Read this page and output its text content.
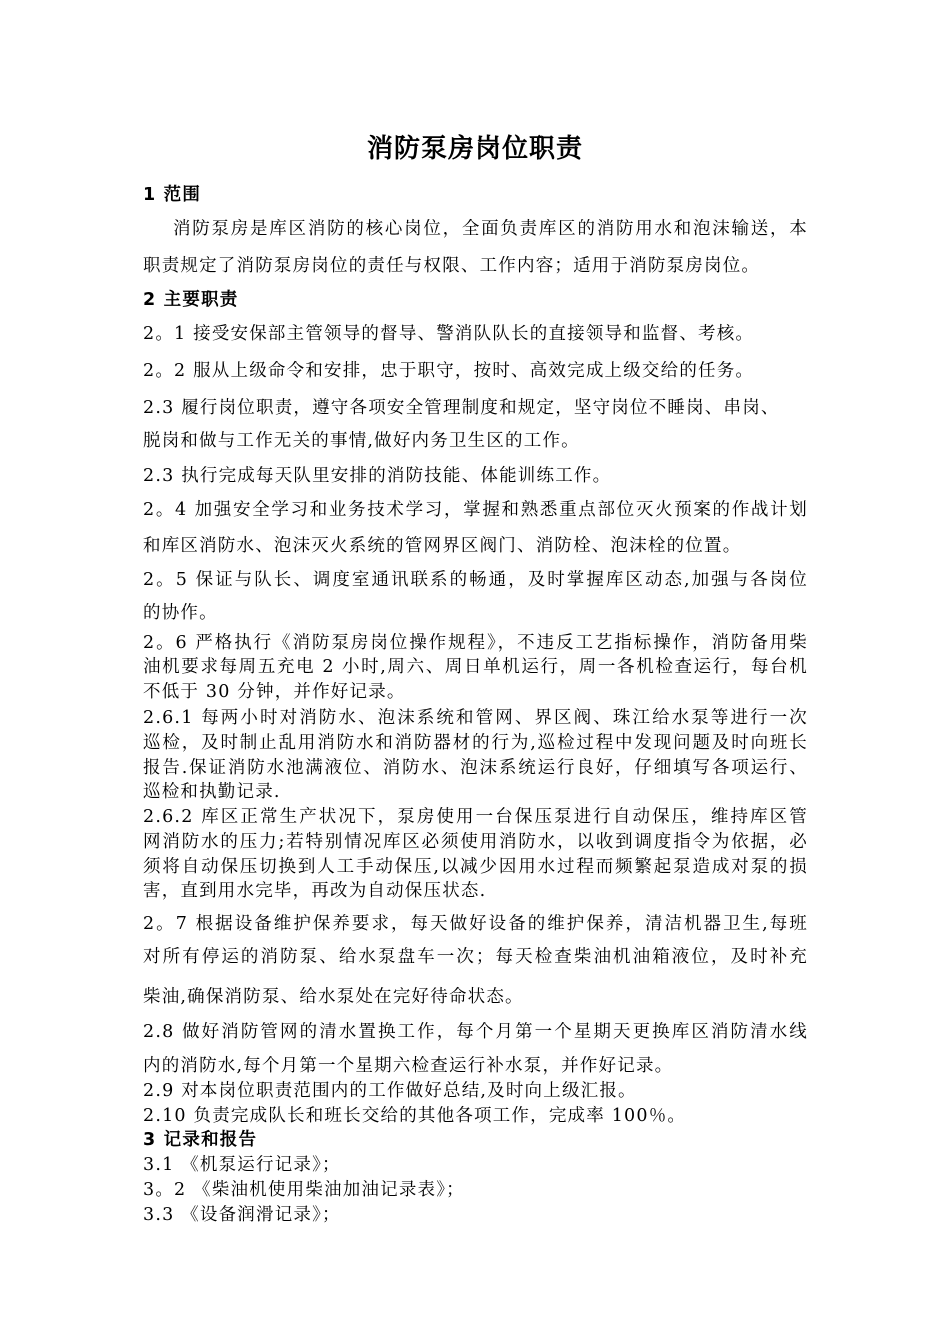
消防泵房岗位职责
1 范围
消防泵房是库区消防的核心岗位，全面负责库区的消防用水和泡沫输送，本
职责规定了消防泵房岗位的责任与权限、工作内容；适用于消防泵房岗位。
2 主要职责
2。1 接受安保部主管领导的督导、警消队队长的直接领导和监督、考核。
2。2 服从上级命令和安排，忠于职守，按时、高效完成上级交给的任务。
2.3 履行岗位职责，遵守各项安全管理制度和规定，坚守岗位不睡岗、串岗、
脱岗和做与工作无关的事情,做好内务卫生区的工作。
2.3 执行完成每天队里安排的消防技能、体能训练工作。
2。4 加强安全学习和业务技术学习，掌握和熟悉重点部位灭火预案的作战计划
和库区消防水、泡沫灭火系统的管网界区阀门、消防栓、泡沫栓的位置。
2。5 保证与队长、调度室通讯联系的畅通，及时掌握库区动态,加强与各岗位
的协作。
2。6 严格执行《消防泵房岗位操作规程》，不违反工艺指标操作，消防备用柴
油机要求每周五充电 2 小时,周六、周日单机运行，周一各机检查运行，每台机
不低于 30 分钟，并作好记录。
2.6.1 每两小时对消防水、泡沫系统和管网、界区阀、珠江给水泵等进行一次
巡检，及时制止乱用消防水和消防器材的行为,巡检过程中发现问题及时向班长
报告.保证消防水池满液位、消防水、泡沫系统运行良好，仔细填写各项运行、
巡检和执勤记录.
2.6.2 库区正常生产状况下，泵房使用一台保压泵进行自动保压，维持库区管
网消防水的压力;若特别情况库区必须使用消防水，以收到调度指令为依据，必
须将自动保压切换到人工手动保压,以减少因用水过程而频繁起泵造成对泵的损
害，直到用水完毕，再改为自动保压状态.
2。7 根据设备维护保养要求，每天做好设备的维护保养，清洁机器卫生,每班
对所有停运的消防泵、给水泵盘车一次；每天检查柴油机油箱液位，及时补充
柴油,确保消防泵、给水泵处在完好待命状态。
2.8 做好消防管网的清水置换工作，每个月第一个星期天更换库区消防清水线
内的消防水,每个月第一个星期六检查运行补水泵，并作好记录。
2.9 对本岗位职责范围内的工作做好总结,及时向上级汇报。
2.10 负责完成队长和班长交给的其他各项工作，完成率 100％。
3 记录和报告
3.1 《机泵运行记录》；
3。2 《柴油机使用柴油加油记录表》；
3.3 《设备润滑记录》；
